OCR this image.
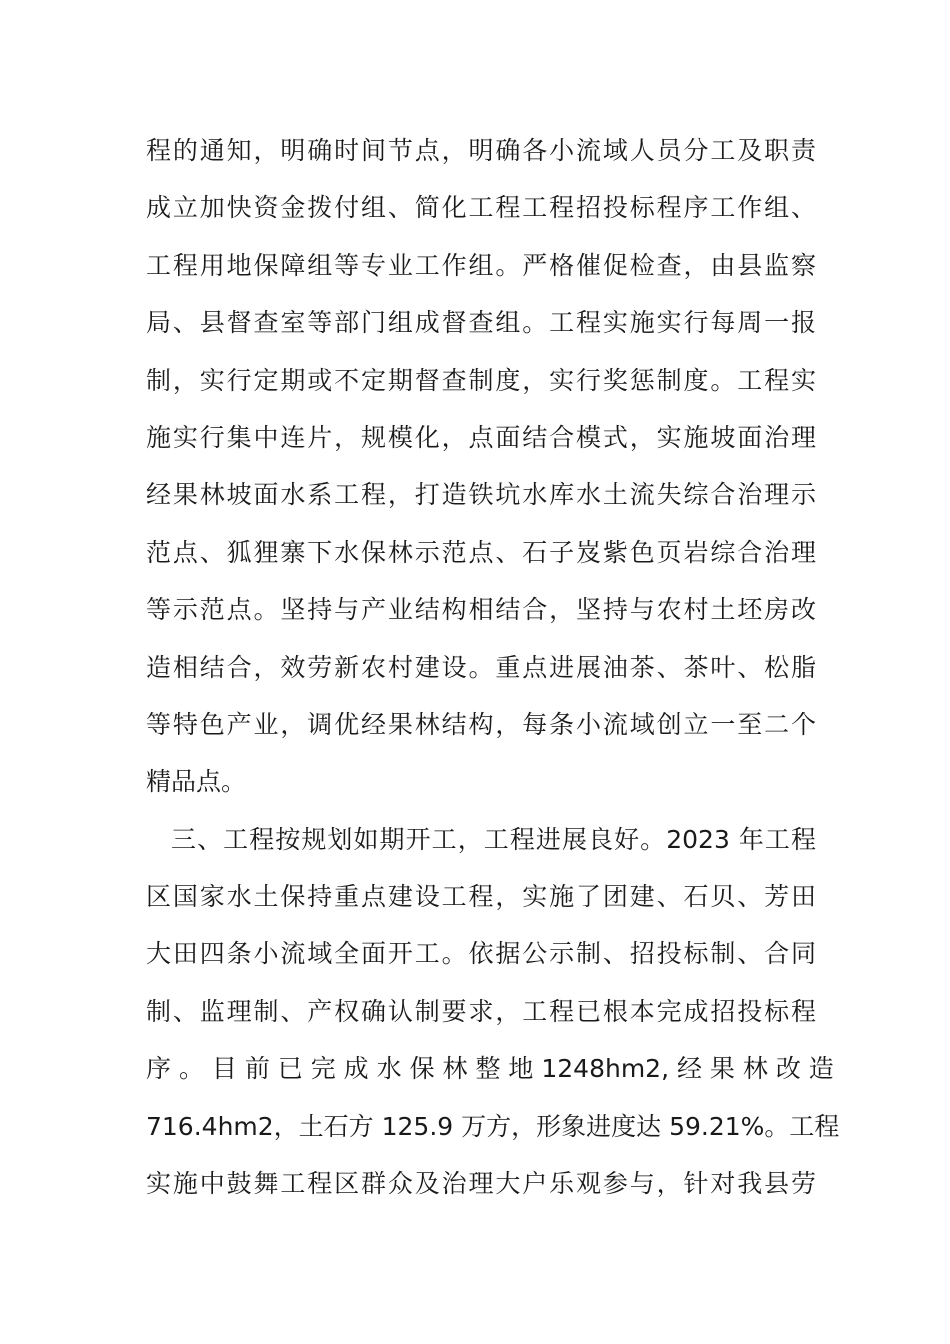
程的通知，明确时间节点，明确各小流域人员分工及职责
成立加快资金拨付组、简化工程工程招投标程序工作组、
工程用地保障组等专业工作组。严格催促检查，由县监察
局、县督查室等部门组成督查组。工程实施实行每周一报
制，实行定期或不定期督查制度，实行奖惩制度。工程实
施实行集中连片，规模化，点面结合模式，实施坡面治理
经果林坡面水系工程，打造铁坑水库水土流失综合治理示
范点、狐狸寨下水保林示范点、石子岌紫色页岩综合治理
等示范点。坚持与产业结构相结合，坚持与农村土坯房改
造相结合，效劳新农村建设。重点进展油茶、茶叶、松脂
等特色产业，调优经果林结构，每条小流域创立一至二个
精品点。
三、工程按规划如期开工，工程进展良好。2023 年工程
区国家水土保持重点建设工程，实施了团建、石贝、芳田
大田四条小流域全面开工。依据公示制、招投标制、合同
制、监理制、产权确认制要求，工程已根本完成招投标程
序 。 目 前 已 完 成 水 保 林 整 地 1248hm2, 经 果 林 改 造
716.4hm2，土石方 125.9 万方，形象进度达 59.21%。工程
实施中鼓舞工程区群众及治理大户乐观参与，针对我县劳
